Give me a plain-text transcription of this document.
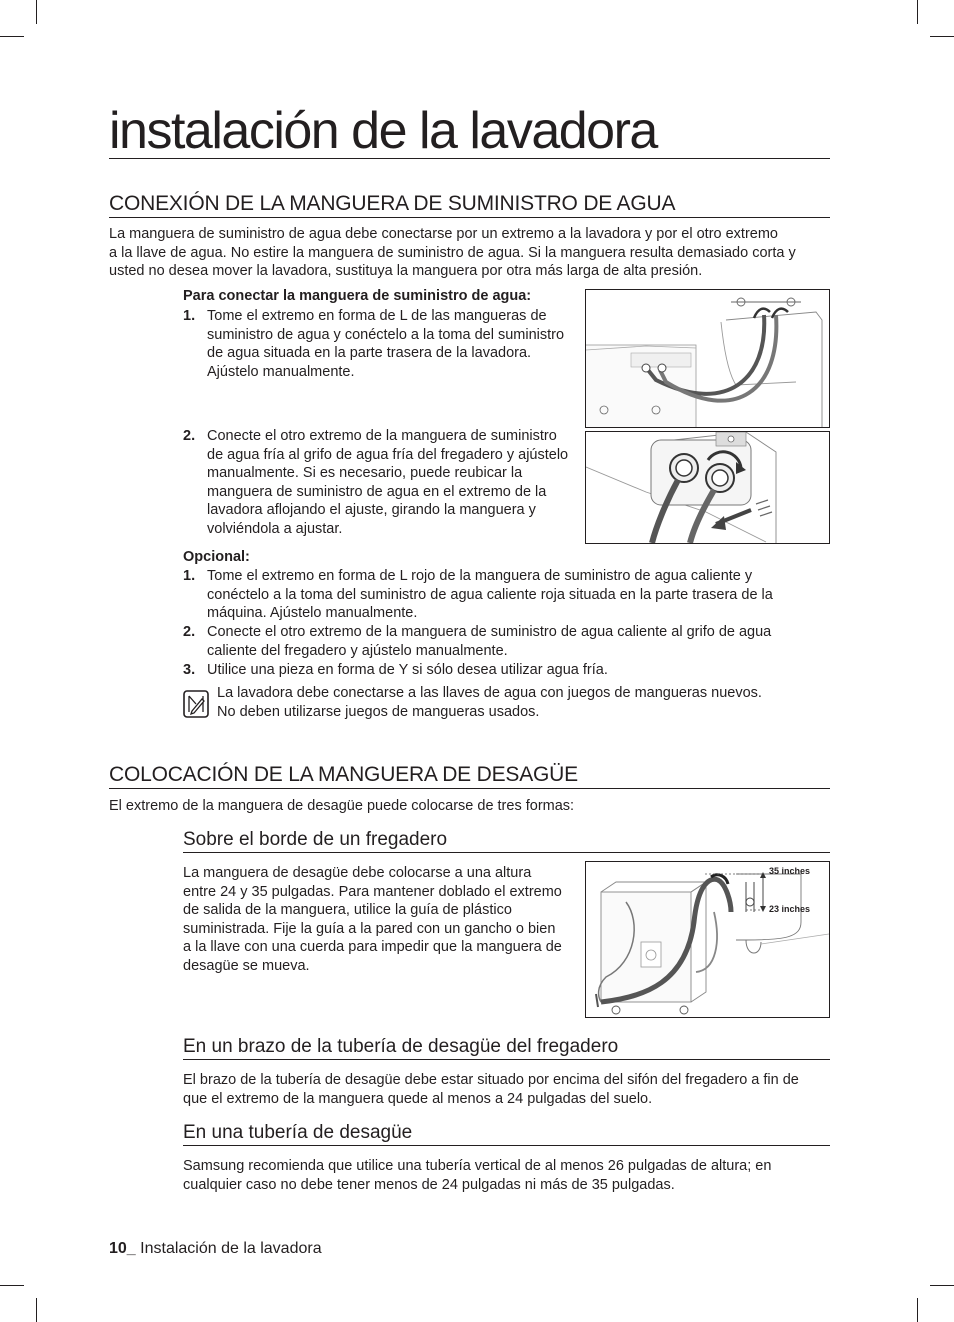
instalación de la lavadora
CONEXIÓN DE LA MANGUERA DE SUMINISTRO DE AGUA
La manguera de suministro de agua debe conectarse por un extremo a la lavadora y por el otro extremo
a la llave de agua. No estire la manguera de suministro de agua. Si la manguera resulta demasiado corta y
usted no desea mover la lavadora, sustituya la manguera por otra más larga de alta presión.
Para conectar la manguera de suministro de agua:
1. Tome el extremo en forma de L de las mangueras de
suministro de agua y conéctelo a la toma del suministro
de agua situada en la parte trasera de la lavadora.
Ajústelo manualmente.
2. Conecte el otro extremo de la manguera de suministro
de agua fría al grifo de agua fría del fregadero y ajústelo
manualmente. Si es necesario, puede reubicar la
manguera de suministro de agua en el extremo de la
lavadora aflojando el ajuste, girando la manguera y
volviéndola a ajustar.
Opcional:
1. Tome el extremo en forma de L rojo de la manguera de suministro de agua caliente y
conéctelo a la toma del suministro de agua caliente roja situada en la parte trasera de la
máquina. Ajústelo manualmente.
2. Conecte el otro extremo de la manguera de suministro de agua caliente al grifo de agua
caliente del fregadero y ajústelo manualmente.
3. Utilice una pieza en forma de Y si sólo desea utilizar agua fría.
La lavadora debe conectarse a las llaves de agua con juegos de mangueras nuevos.
No deben utilizarse juegos de mangueras usados.
COLOCACIÓN DE LA MANGUERA DE DESAGÜE
El extremo de la manguera de desagüe puede colocarse de tres formas:
Sobre el borde de un fregadero
La manguera de desagüe debe colocarse a una altura
entre 24 y 35 pulgadas. Para mantener doblado el extremo
de salida de la manguera, utilice la guía de plástico
suministrada. Fije la guía a la pared con un gancho o bien
a la llave con una cuerda para impedir que la manguera de
desagüe se mueva.
35 inches
23 inches
En un brazo de la tubería de desagüe del fregadero
El brazo de la tubería de desagüe debe estar situado por encima del sifón del fregadero a fin de
que el extremo de la manguera quede al menos a 24 pulgadas del suelo.
En una tubería de desagüe
Samsung recomienda que utilice una tubería vertical de al menos 26 pulgadas de altura; en
cualquier caso no debe tener menos de 24 pulgadas ni más de 35 pulgadas.
10_ Instalación de la lavadora
